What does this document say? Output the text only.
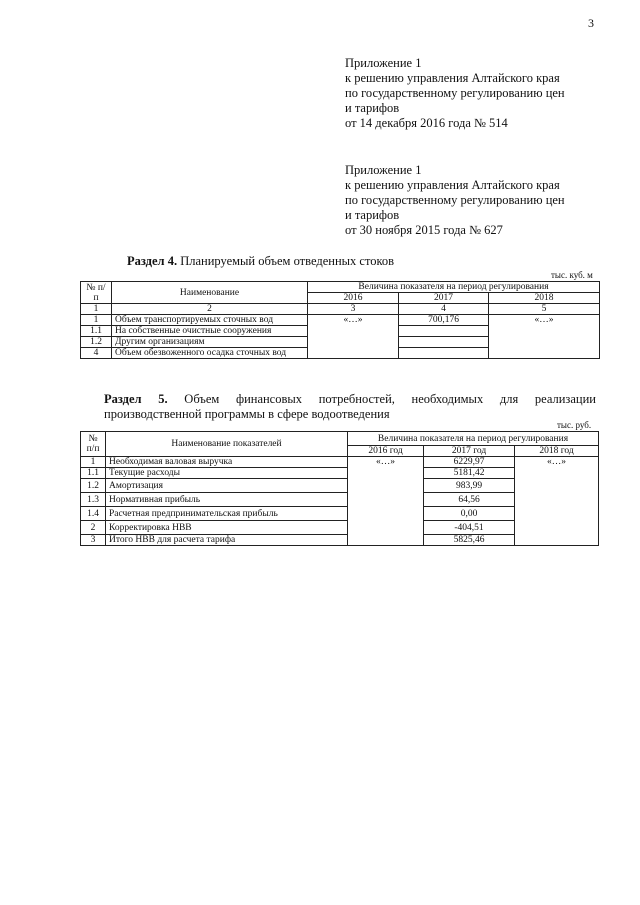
3
Приложение 1
к решению управления Алтайского края
по государственному регулированию цен
и тарифов
от 14 декабря 2016 года № 514
Приложение 1
к решению управления Алтайского края
по государственному регулированию цен
и тарифов
от 30 ноября 2015 года № 627
Раздел 4. Планируемый объем отведенных стоков
тыс. куб. м
№ п/п	Наименование	Величина показателя на период регулирования		
		2016	2017	2018
1	2	3	4	5
1	Объем транспортируемых сточных вод	«…»	700,176	«…»
1.1	На собственные очистные сооружения			
1.2	Другим организациям			
4	Объем обезвоженного осадка сточных вод			
Раздел 5. Объем финансовых потребностей, необходимых для реализации производственной программы в сфере водоотведения
тыс. руб.
№ п/п	Наименование показателей	Величина показателя на период регулирования		
		2016 год	2017 год	2018 год
1	Необходимая валовая выручка	«…»	6229,97	«…»
1.1	Текущие расходы		5181,42	
1.2	Амортизация		983,99	
1.3	Нормативная прибыль		64,56	
1.4	Расчетная предпринимательская прибыль		0,00	
2	Корректировка НВВ		-404,51	
3	Итого НВВ для расчета тарифа		5825,46	
